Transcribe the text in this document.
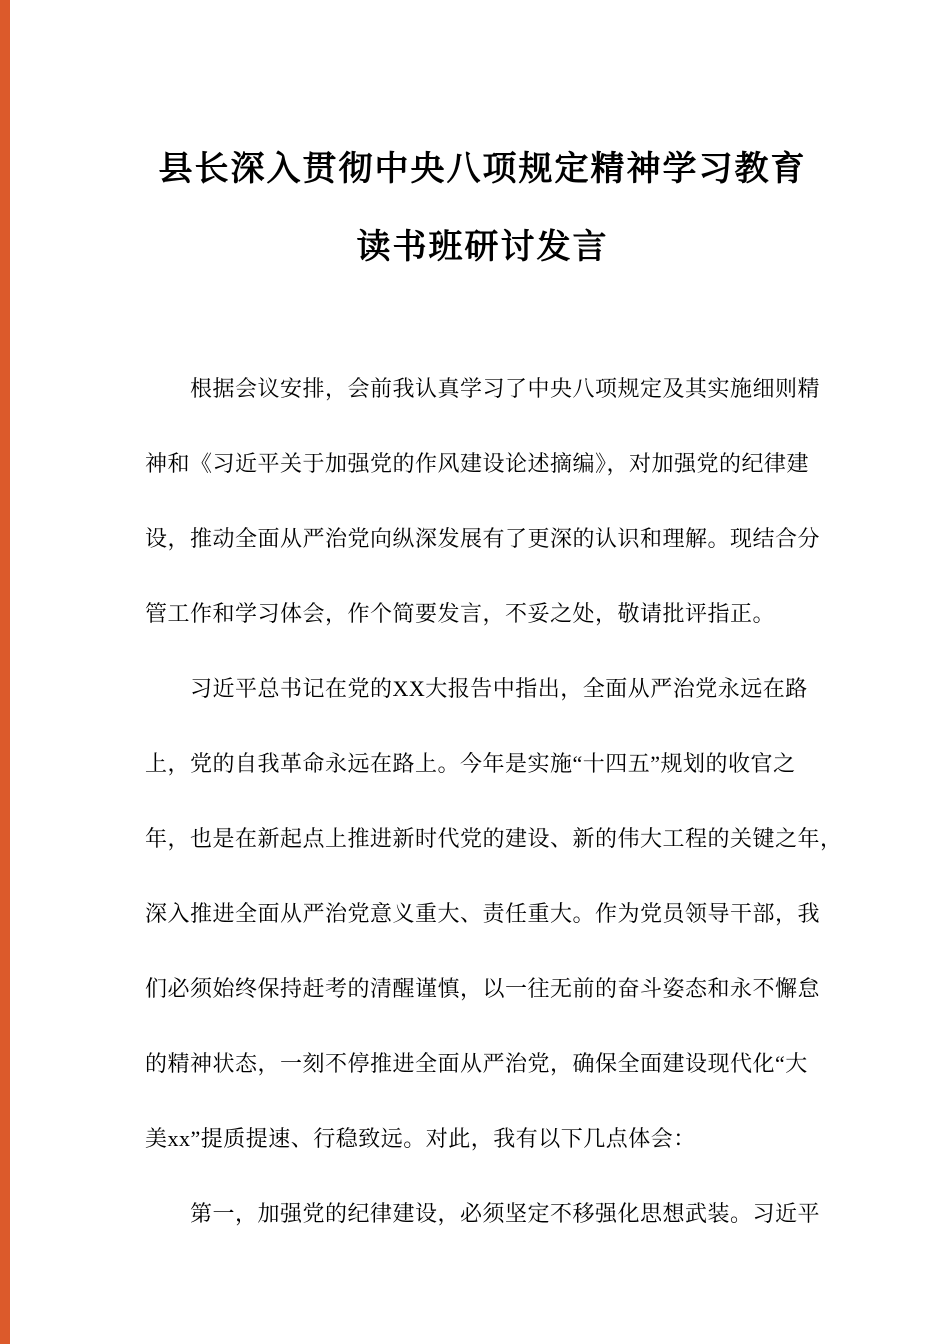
县长深入贯彻中央八项规定精神学习教育
读书班研讨发言
根据会议安排，会前我认真学习了中央八项规定及其实施细则精
神和《习近平关于加强党的作风建设论述摘编》，对加强党的纪律建
设，推动全面从严治党向纵深发展有了更深的认识和理解。现结合分
管工作和学习体会，作个简要发言，不妥之处，敬请批评指正。
习近平总书记在党的XX大报告中指出，全面从严治党永远在路
上，党的自我革命永远在路上。今年是实施“十四五”规划的收官之
年，也是在新起点上推进新时代党的建设、新的伟大工程的关键之年，
深入推进全面从严治党意义重大、责任重大。作为党员领导干部，我
们必须始终保持赶考的清醒谨慎，以一往无前的奋斗姿态和永不懈怠
的精神状态，一刻不停推进全面从严治党，确保全面建设现代化“大
美xx”提质提速、行稳致远。对此，我有以下几点体会：
第一，加强党的纪律建设，必须坚定不移强化思想武装。习近平
